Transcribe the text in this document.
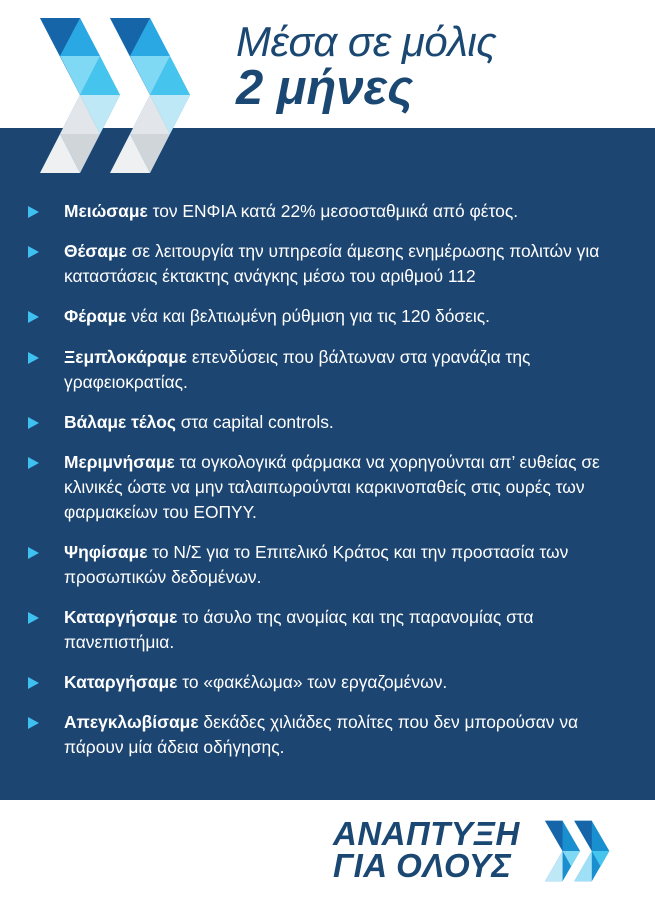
Μέσα σε μόλις
2 μήνες
Μειώσαμε τον ΕΝΦΙΑ κατά 22% μεσοσταθμικά από φέτος.
Θέσαμε σε λειτουργία την υπηρεσία άμεσης ενημέρωσης πολιτών για καταστάσεις έκτακτης ανάγκης μέσω του αριθμού 112
Φέραμε νέα και βελτιωμένη ρύθμιση για τις 120 δόσεις.
Ξεμπλοκάραμε επενδύσεις που βάλτωναν στα γρανάζια της γραφειοκρατίας.
Βάλαμε τέλος στα capital controls.
Μεριμνήσαμε τα ογκολογικά φάρμακα να χορηγούνται απ’ ευθείας σε κλινικές ώστε να μην ταλαιπωρούνται καρκινοπαθείς στις ουρές των φαρμακείων του ΕΟΠΥΥ.
Ψηφίσαμε το Ν/Σ για το Επιτελικό Κράτος και την προστασία των προσωπικών δεδομένων.
Καταργήσαμε το άσυλο της ανομίας και της παρανομίας στα πανεπιστήμια.
Καταργήσαμε το «φακέλωμα» των εργαζομένων.
Απεγκλωβίσαμε δεκάδες χιλιάδες πολίτες που δεν μπορούσαν να πάρουν μία άδεια οδήγησης.
ΑΝΑΠΤΥΞΗ
ΓΙΑ ΟΛΟΥΣ
